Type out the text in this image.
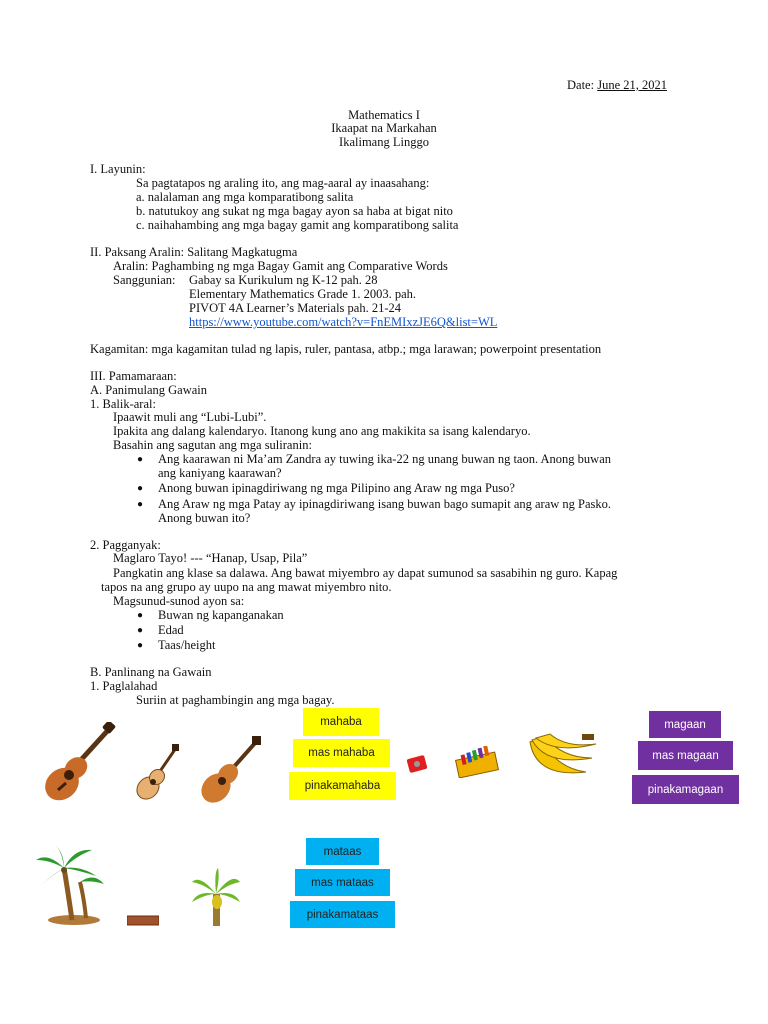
Date: June 21, 2021
Mathematics I
Ikaapat na Markahan
Ikalimang Linggo
I. Layunin:
Sa pagtatapos ng araling ito, ang mag-aaral ay inaasahang:
a. nalalaman ang mga komparatibong salita
b. natutukoy ang sukat ng mga bagay ayon sa haba at bigat nito
c. naihahambing ang mga bagay gamit ang komparatibong salita
II. Paksang Aralin: Salitang Magkatugma
Aralin: Paghambing ng mga Bagay Gamit ang Comparative Words
Sanggunian: Gabay sa Kurikulum ng K-12 pah. 28
Elementary Mathematics Grade 1. 2003. pah.
PIVOT 4A Learner’s Materials pah. 21-24
https://www.youtube.com/watch?v=FnEMIxzJE6Q&list=WL
Kagamitan: mga kagamitan tulad ng lapis, ruler, pantasa, atbp.; mga larawan; powerpoint presentation
III. Pamamaraan:
A. Panimulang Gawain
1. Balik-aral:
Ipaawit muli ang “Lubi-Lubi”.
Ipakita ang dalang kalendaryo. Itanong kung ano ang makikita sa isang kalendaryo.
Basahin ang sagutan ang mga suliranin:
● Ang kaarawan ni Ma’am Zandra ay tuwing ika-22 ng unang buwan ng taon. Anong buwan
ang kaniyang kaarawan?
● Anong buwan ipinagdiriwang ng mga Pilipino ang Araw ng mga Puso?
● Ang Araw ng mga Patay ay ipinagdiriwang isang buwan bago sumapit ang araw ng Pasko.
Anong buwan ito?
2. Pagganyak:
Maglaro Tayo! --- “Hanap, Usap, Pila”
Pangkatin ang klase sa dalawa. Ang bawat miyembro ay dapat sumunod sa sasabihin ng guro. Kapag
tapos na ang grupo ay uupo na ang mawat miyembro nito.
Magsunud-sunod ayon sa:
● Buwan ng kapanganakan
● Edad
● Taas/height
B. Panlinang na Gawain
1. Paglalahad
Suriin at paghambingin ang mga bagay.
mahaba
mas mahaba
pinakamahaba
magaan
mas magaan
pinakamagaan
mataas
mas mataas
pinakamataas
